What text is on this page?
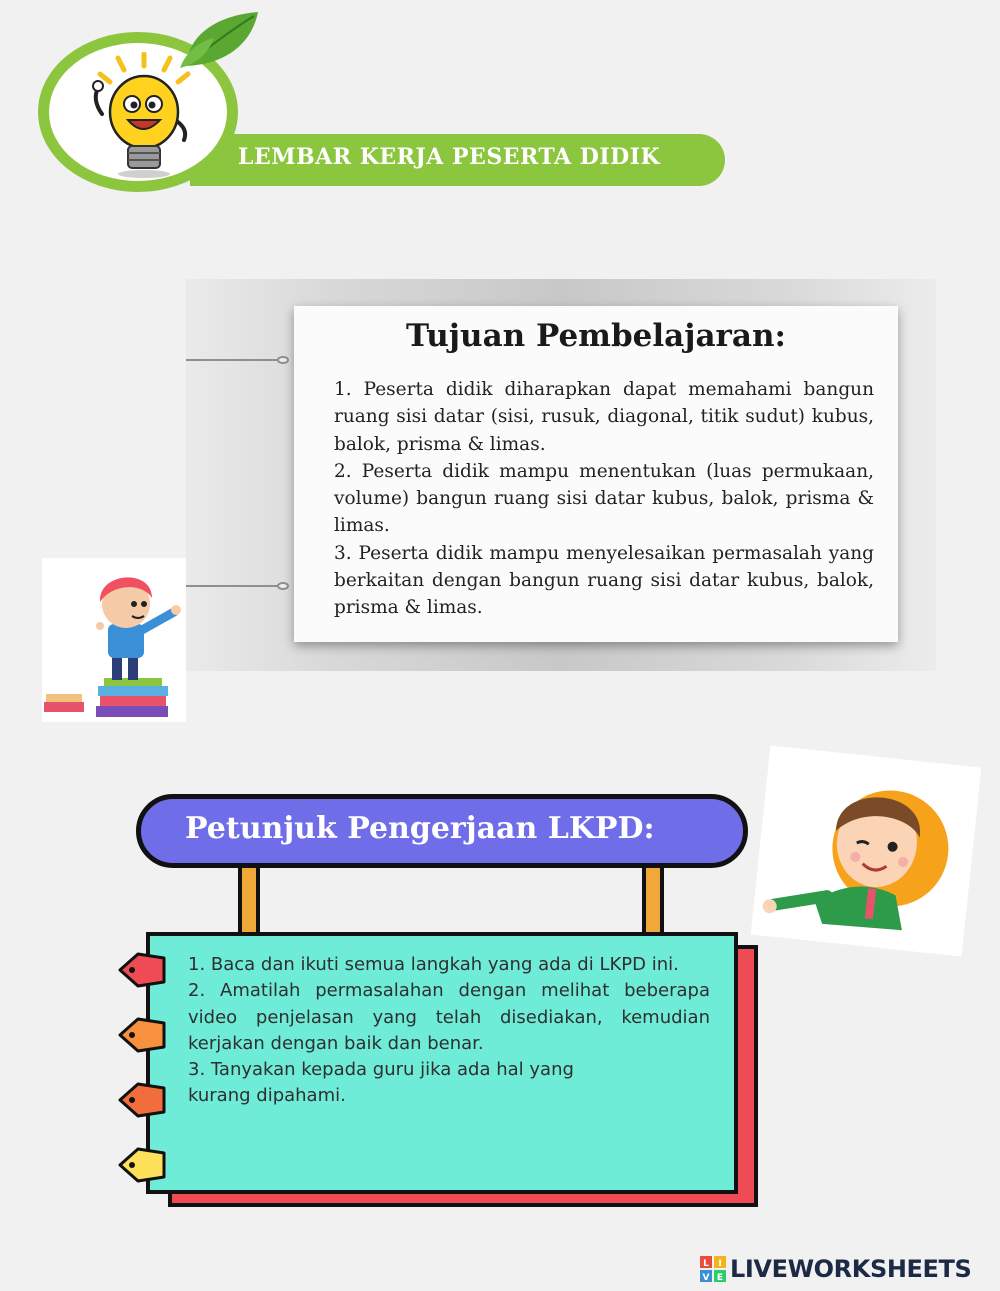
LEMBAR KERJA PESERTA DIDIK
Tujuan Pembelajaran:
1. Peserta didik diharapkan dapat memahami bangun ruang sisi datar (sisi, rusuk, diagonal, titik sudut) kubus, balok, prisma & limas.
2. Peserta didik mampu menentukan (luas permukaan, volume) bangun ruang sisi datar kubus, balok, prisma & limas.
3. Peserta didik mampu menyelesaikan permasalah yang berkaitan dengan bangun ruang sisi datar kubus, balok, prisma & limas.
Petunjuk Pengerjaan LKPD:
1. Baca dan ikuti semua langkah yang ada di LKPD ini.
2. Amatilah permasalahan dengan melihat beberapa video penjelasan yang telah disediakan, kemudian kerjakan dengan baik dan benar.
3. Tanyakan kepada guru jika ada hal yang kurang dipahami.
L I
V E LIVEWORKSHEETS
